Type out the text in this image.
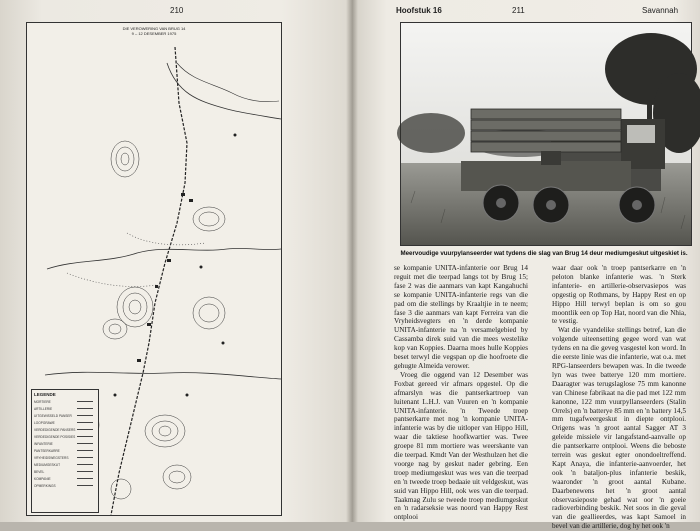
210
DIE VEROWERING VAN BRUG 14
9 – 12 DESEMBER 1975
LEGENDE
MORTIERE
ARTILLERIE
UITGEWISSELD PANSER
LOOPGRAWE
VERDEDIGENDE PANSERS
VERDEDIGENDE POSISIES
INFANTERIE
PANTSERKARRE
VRYHEIDSWEGSTERS
MEDIUMGESKUT
BEVEL
KOMPANIE
OPMERKINGS
Hoofstuk 16	211	Savannah
Meervoudige vuurpylanseerder wat tydens die slag van Brug 14 deur mediumgeskut uitgeskiet is.

se kompanie UNITA-infanterie oor Brug 14 reguit met die teerpad langs tot by Brug 15; fase 2 was die aanmars van kapt Kangahuchi se kompanie UNITA-infanterie regs van die pad om die stellings by Kraaltjie in te neem; fase 3 die aanmars van kapt Ferreira van die Vryheidsvegters en 'n derde kompanie UNITA-infanterie na 'n versamelgebied by Cassamba direk suid van die mees westelike kop van Koppies. Daarna moes hulle Koppies beset terwyl die vegspan op die hoofroete die gehugte Almeida verower.

Vroeg die oggend van 12 Desember was Foxbat gereed vir afmars opgestel. Op die afmarslyn was die pantserkartroep van luitenant L.H.J. van Vuuren en 'n kompanie UNITA-infanterie. 'n Tweede troep pantserkarre met nog 'n kompanie UNITA-infanterie was by die uitloper van Hippo Hill, waar die taktiese hoofkwartier was. Twee groepe 81 mm mortiere was weerskante van die teerpad. Kmdt Van der Westhulzen het die voorge nag by geskut nader gebring. Een troep mediumgeskut was wes van die teerpad en 'n tweede troep bedaaie uit veldgeskut, was suid van Hippo Hill, ook wes van die teerpad. Taakmag Zulu se tweede troep mediumgeskut en 'n radarseksie was noord van Happy Rest ontplooi

waar daar ook 'n troep pantserkarre en 'n peloton blanke infanterie was. 'n Sterk infanterie- en artillerie-observasiepos was opgestig op Rothmans, by Happy Rest en op Hippo Hill terwyl beplan is om so gou moontlik een op Top Hat, noord van die Nhia, te vestig.

Wat die vyandelike stellings betref, kan die volgende uiteensetting gegee word van wat tydens en na die geveg vasgestel kon word. In die eerste linie was die infanterie, wat o.a. met RPG-lanseerders bewapen was. In die tweede lyn was twee batterye 120 mm mortiere. Daaragter was terugslaglose 75 mm kanonne van Chinese fabrikaat na die pad met 122 mm kanonne, 122 mm vuurpyllanseerders (Stalin Orrels) en 'n batterye 85 mm en 'n battery 14,5 mm tugafweergeskut in diepte ontplooi. Origens was 'n groot aantal Sagger AT 3 geleide missiele vir langafstand-aanvalle op die pantserkarre ontplooi. Weens die beboste terrein was geskut egter onondoeltreffend. Kapt Anaya, die infanterie-aanvoerder, het ook 'n bataljon-plus infanterie beskik, waaronder 'n groot aantal Kubane. Daarbenewens het 'n groot aantal observasieposte gehad wat oor 'n goeie radioverbinding beskik. Net soos in die geval van die geallieerdes, was kapt Samoel in bevel van die artillerie, dog hy het ook 'n
